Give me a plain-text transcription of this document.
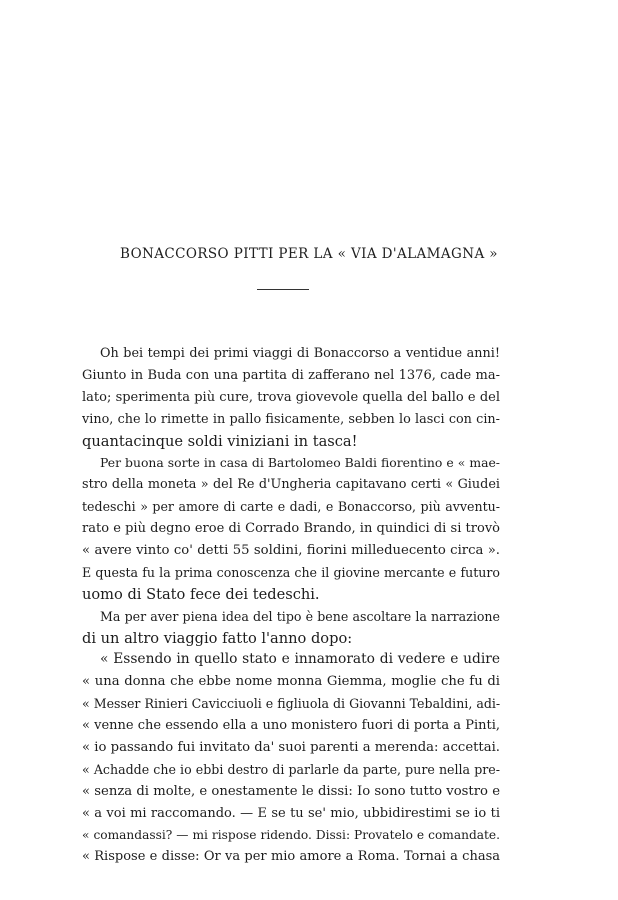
BONACCORSO PITTI PER LA « VIA D'ALAMAGNA »
Oh bei tempi dei primi viaggi di Bonaccorso a ventidue anni!
Giunto in Buda con una partita di zafferano nel 1376, cade ma-
lato; sperimenta più cure, trova giovevole quella del ballo e del
vino, che lo rimette in pallo fisicamente, sebben lo lasci con cin-
quantacinque soldi viniziani in tasca!
Per buona sorte in casa di Bartolomeo Baldi fiorentino e « mae-
stro della moneta » del Re d'Ungheria capitavano certi « Giudei
tedeschi » per amore di carte e dadi, e Bonaccorso, più avventu-
rato e più degno eroe di Corrado Brando, in quindici di si trovò
« avere vinto co' detti 55 soldini, fiorini milleduecento circa ».
E questa fu la prima conoscenza che il giovine mercante e futuro
uomo di Stato fece dei tedeschi.
Ma per aver piena idea del tipo è bene ascoltare la narrazione
di un altro viaggio fatto l'anno dopo:
« Essendo in quello stato e innamorato di vedere e udire
« una donna che ebbe nome monna Giemma, moglie che fu di
« Messer Rinieri Cavicciuoli e figliuola di Giovanni Tebaldini, adi-
« venne che essendo ella a uno monistero fuori di porta a Pinti,
« io passando fui invitato da' suoi parenti a merenda: accettai.
« Achadde che io ebbi destro di parlarle da parte, pure nella pre-
« senza di molte, e onestamente le dissi: Io sono tutto vostro e
« a voi mi raccomando. — E se tu se' mio, ubbidirestimi se io ti
« comandassi? — mi rispose ridendo. Dissi: Provatelo e comandate.
« Rispose e disse: Or va per mio amore a Roma. Tornai a chasa
